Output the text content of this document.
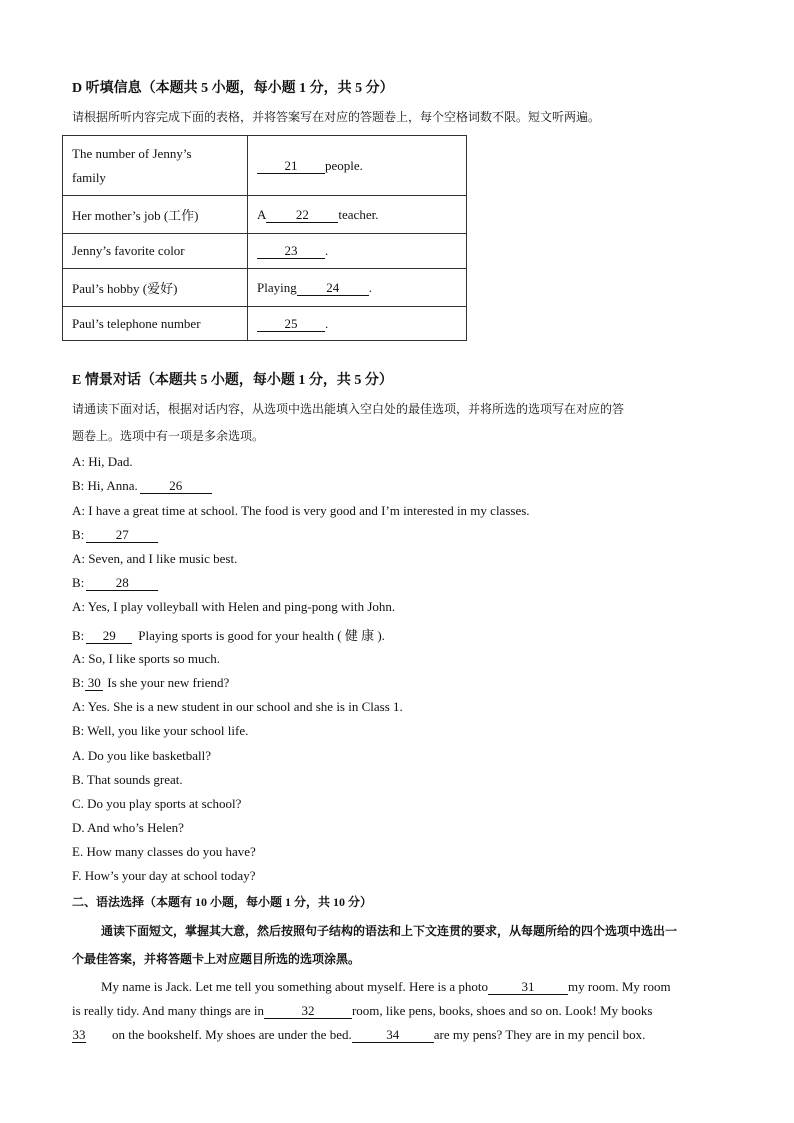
D 听填信息（本题共 5 小题，每小题 1 分，共 5 分）
请根据所听内容完成下面的表格，并将答案写在对应的答题卷上，每个空格词数不限。短文听两遍。
The number of Jenny’s
family	21 people.
Her mother’s job (工作)	A 22 teacher.
Jenny’s favorite color	23 .
Paul’s hobby (爱好)	Playing 24 .
Paul’s telephone number	25 .
E 情景对话（本题共 5 小题，每小题 1 分，共 5 分）
请通读下面对话，根据对话内容，从选项中选出能填入空白处的最佳选项，并将所选的选项写在对应的答
题卷上。选项中有一项是多余选项。
A: Hi, Dad.
B: Hi, Anna. 26
A: I have a great time at school. The food is very good and I’m interested in my classes.
B: 27
A: Seven, and I like music best.
B: 28
A: Yes, I play volleyball with Helen and ping-pong with John.
B: 29 Playing sports is good for your health ( 健 康 ).
A: So, I like sports so much.
B: 30 Is she your new friend?
A: Yes. She is a new student in our school and she is in Class 1.
B: Well, you like your school life.
A. Do you like basketball?
B. That sounds great.
C. Do you play sports at school?
D. And who’s Helen?
E. How many classes do you have?
F. How’s your day at school today?
二、语法选择（本题有 10 小题，每小题 1 分，共 10 分）
通读下面短文，掌握其大意，然后按照句子结构的语法和上下文连贯的要求，从每题所给的四个选项中选出一
个最佳答案，并将答题卡上对应题目所选的选项涂黑。
My name is Jack. Let me tell you something about myself. Here is a photo	31	my room. My room
is really tidy. And many things are in	32	room, like pens, books, shoes and so on. Look! My books
33 on the bookshelf. My shoes are under the bed.	34	are my pens? They are in my pencil box.
